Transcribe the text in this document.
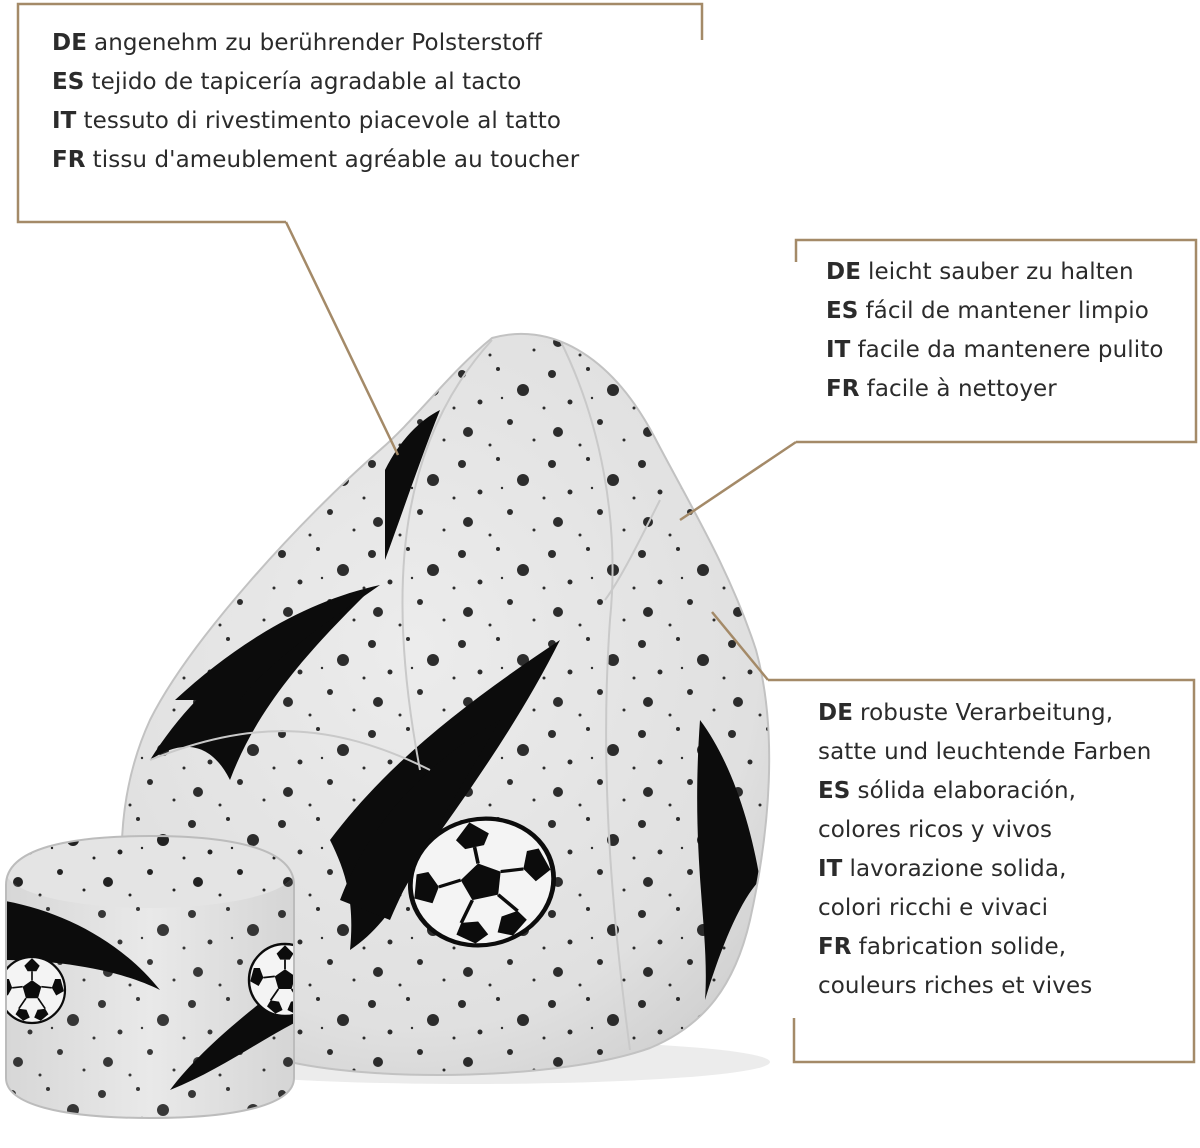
DE angenehm zu berührender Polsterstoff
ES tejido de tapicería agradable al tacto
IT tessuto di rivestimento piacevole al tatto
FR tissu d'ameublement agréable au toucher
DE leicht sauber zu halten
ES fácil de mantener limpio
IT facile da mantenere pulito
FR facile à nettoyer
DE robuste Verarbeitung,
satte und leuchtende Farben
ES sólida elaboración,
colores ricos y vivos
IT lavorazione solida,
colori ricchi e vivaci
FR fabrication solide,
couleurs riches et vives
